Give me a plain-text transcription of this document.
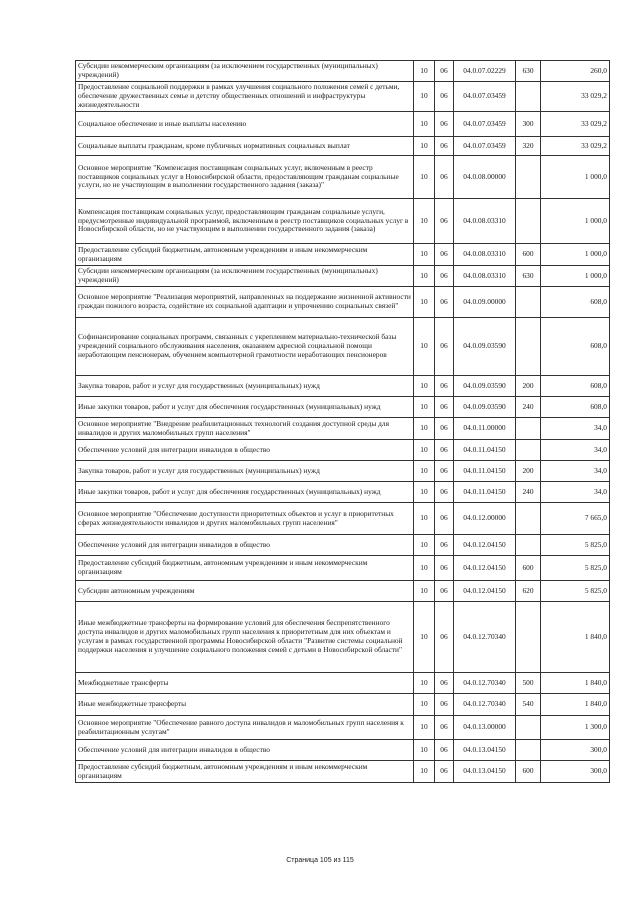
Субсидии некоммерческим организациям (за исключением государственных (муниципальных) учреждений)	10	06	04.0.07.02229	630	260,0
Предоставление социальной поддержки в рамках улучшения социального положения семей с детьми, обеспечение дружественных семье и детству общественных отношений и инфраструктуры жизнедеятельности	10	06	04.0.07.03459		33 029,2
Социальное обеспечение и иные выплаты населению	10	06	04.0.07.03459	300	33 029,2
Социальные выплаты гражданам, кроме публичных нормативных социальных выплат	10	06	04.0.07.03459	320	33 029,2
Основное мероприятие "Компенсация поставщикам социальных услуг, включенным в реестр поставщиков социальных услуг в Новосибирской области, предоставляющим гражданам социальные услуги, но не участвующим в выполнении государственного задания (заказа)"	10	06	04.0.08.00000		1 000,0
Компенсация поставщикам социальных услуг, предоставляющим гражданам социальные услуги, предусмотренные индивидуальной программой, включенным в реестр поставщиков социальных услуг в Новосибирской области, но не участвующим в выполнении государственного задания (заказа)	10	06	04.0.08.03310		1 000,0
Предоставление субсидий бюджетным, автономным учреждениям и иным некоммерческим организациям	10	06	04.0.08.03310	600	1 000,0
Субсидии некоммерческим организациям (за исключением государственных (муниципальных) учреждений)	10	06	04.0.08.03310	630	1 000,0
Основное мероприятие "Реализация мероприятий, направленных на поддержание жизненной активности граждан пожилого возраста, содействие их социальной адаптации и упрочнению социальных связей"	10	06	04.0.09.00000		608,0
Софинансирование социальных программ, связанных с укреплением материально-технической базы учреждений социального обслуживания населения, оказанием адресной социальной помощи неработающим пенсионерам, обучением компьютерной грамотности неработающих пенсионеров	10	06	04.0.09.03590		608,0
Закупка товаров, работ и услуг для государственных (муниципальных) нужд	10	06	04.0.09.03590	200	608,0
Иные закупки товаров, работ и услуг для обеспечения государственных (муниципальных) нужд	10	06	04.0.09.03590	240	608,0
Основное мероприятие "Внедрение реабилитационных технологий создания доступной среды для инвалидов и других маломобильных групп населения"	10	06	04.0.11.00000		34,0
Обеспечение условий для интеграции инвалидов в общество	10	06	04.0.11.04150		34,0
Закупка товаров, работ и услуг для государственных (муниципальных) нужд	10	06	04.0.11.04150	200	34,0
Иные закупки товаров, работ и услуг для обеспечения государственных (муниципальных) нужд	10	06	04.0.11.04150	240	34,0
Основное мероприятие "Обеспечение доступности приоритетных объектов и услуг в приоритетных сферах жизнедеятельности инвалидов и других маломобильных групп населения"	10	06	04.0.12.00000		7 665,0
Обеспечение условий для интеграции инвалидов в общество	10	06	04.0.12.04150		5 825,0
Предоставление субсидий бюджетным, автономным учреждениям и иным некоммерческим организациям	10	06	04.0.12.04150	600	5 825,0
Субсидии автономным учреждениям	10	06	04.0.12.04150	620	5 825,0
Иные межбюджетные трансферты на формирование условий для обеспечения беспрепятственного доступа инвалидов и других маломобильных групп населения к приоритетным для них объектам и услугам в рамках государственной программы Новосибирской области "Развитие системы социальной поддержки населения и улучшение социального положения семей с детьми в Новосибирской области"	10	06	04.0.12.70340		1 840,0
Межбюджетные трансферты	10	06	04.0.12.70340	500	1 840,0
Иные межбюджетные трансферты	10	06	04.0.12.70340	540	1 840,0
Основное мероприятие "Обеспечение равного доступа инвалидов и маломобильных групп населения к реабилитационным услугам"	10	06	04.0.13.00000		1 300,0
Обеспечение условий для интеграции инвалидов в общество	10	06	04.0.13.04150		300,0
Предоставление субсидий бюджетным, автономным учреждениям и иным некоммерческим организациям	10	06	04.0.13.04150	600	300,0
Страница 105 из 115
